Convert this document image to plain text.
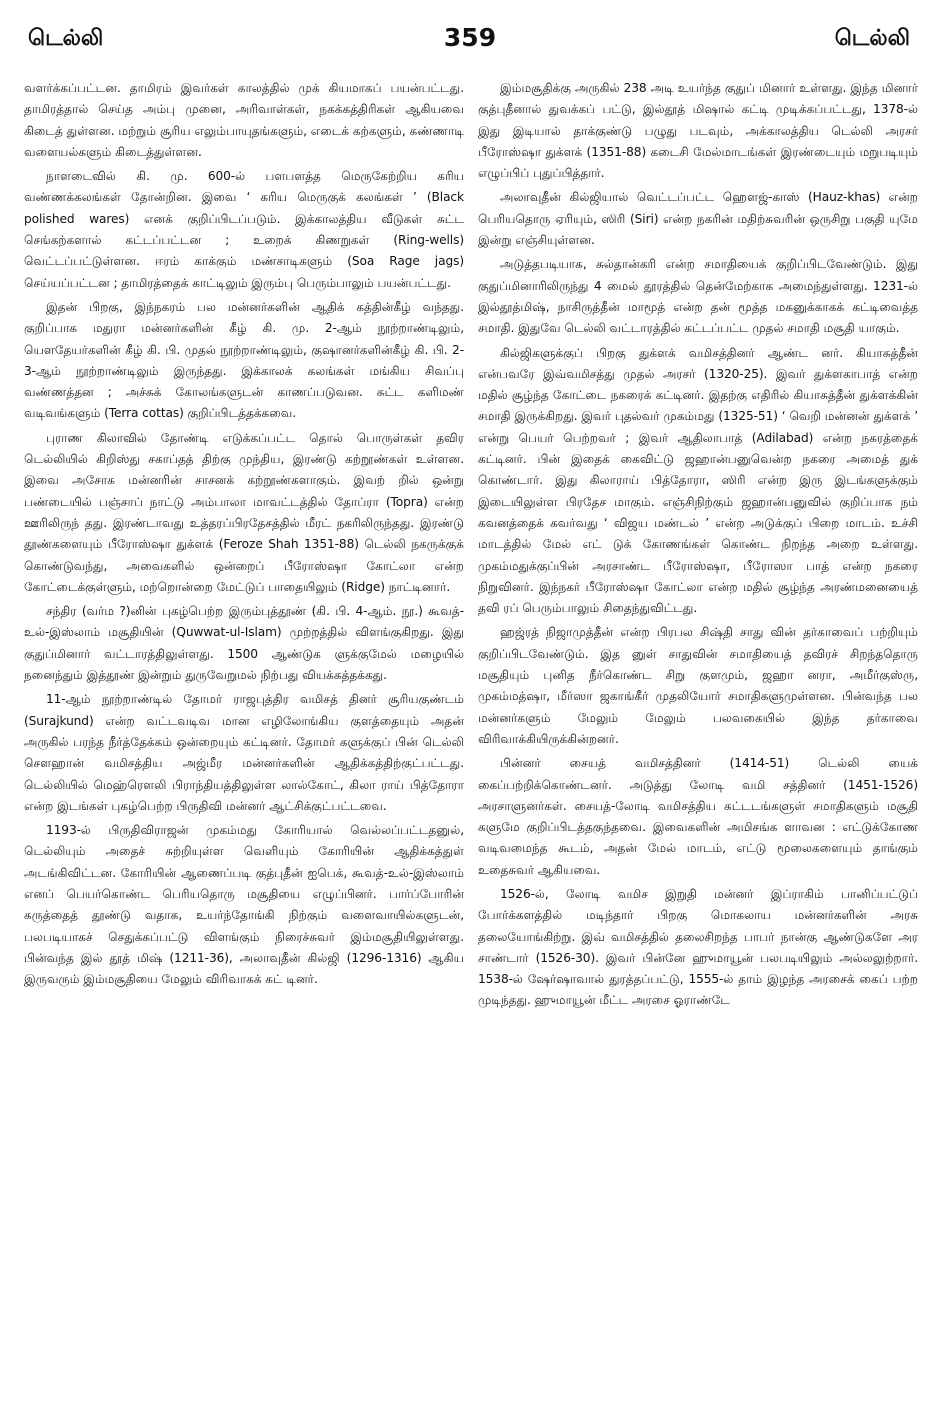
டெல்லி	359	டெல்லி

வளர்க்கப்பட்டன. தாமிரம் இவர்கள் காலத்தில் முக் கியமாகப் பயன்பட்டது. தாமிரத்தால் செய்த அம்பு முனை, அரிவாள்கள், நகக்கத்திரிகள் ஆகியவை கிடைத் துள்ளன. மற்றும் சூரிய எலும்பாயுதங்களும், எடைக் கற்களும், கண்ணாடி வளையல்களும் கிடைத்துள்ளன.

நாளடைவில் கி. மு. 600-ல் பளபளத்த மெருகேற்றிய கரிய வண்ணக்கலங்கள் தோன்றின. இவை ‘ கரிய மெருகுக் கலங்கள் ’ (Black polished wares) எனக் குறிப்பிடப்படும். இக்காலத்திய வீடுகள் சுட்ட செங்கற்களால் கட்டப்பட்டன ; உறைக் கிணறுகள் (Ring-wells) வெட்டப்பட்டுள்ளன. ஈரம் காக்கும் மண்சாடிகளும் (Soa Rage jags) செய்யப்பட்டன ; தாமிரத்தைக் காட்டிலும் இரும்பு பெரும்பாலும் பயன்பட்டது.

இதன் பிறகு, இந்நகரம் பல மன்னர்களின் ஆதிக் கத்தின்கீழ் வந்தது. குறிப்பாக மதுரா மன்னர்களின் கீழ் கி. மு. 2-ஆம் நூற்றாண்டிலும், யௌதேயர்களின் கீழ் கி. பி. முதல் நூற்றாண்டிலும், குஷானர்களின்கீழ் கி. பி. 2-3-ஆம் நூற்றாண்டிலும் இருந்தது. இக்காலக் கலங்கள் மங்கிய சிவப்பு வண்ணத்தன ; அச்சுக் கோலங்களுடன் காணப்படுவன. சுட்ட களிமண் வடிவங்களும் (Terra cottas) குறிப்பிடத்தக்கவை.

புராண கிலாவில் தோண்டி எடுக்கப்பட்ட தொல் பொருள்கள் தவிர டெல்லியில் கிறிஸ்து சகாப்தத் திற்கு முந்திய, இரண்டு கற்றூண்கள் உள்ளன. இவை அசோக மன்னரின் சாசனக் கற்றூண்களாகும். இவற் றில் ஒன்று பண்டையில் பஞ்சாப் நாட்டு அம்பாலா மாவட்டத்தில் தோப்ரா (Topra) என்ற ஊரிலிருந் தது. இரண்டாவது உத்தரப்பிரதேசத்தில் மீரட் நகரிலிருந்தது. இரண்டு தூண்களையும் பீரோஸ்ஷா துக்ளக் (Feroze Shah 1351-88) டெல்லி நகருக்குக் கொண்டுவந்து, அவைகளில் ஒன்றைப் பீரோஸ்ஷா கோட்லா என்ற கோட்டைக்குள்ளும், மற்றொன்றை மேட்டுப் பாதையிலும் (Ridge) நாட்டினார்.

சந்திர (வர்ம ?)னின் புகழ்பெற்ற இரும்புத்தூண் (கி. பி. 4-ஆம். நூ.) கூவத்-உல்-இஸ்லாம் மசூதியின் (Quwwat-ul-Islam) முற்றத்தில் விளங்குகிறது. இது குதுப்மினார் வட்டாரத்திலுள்ளது. 1500 ஆண்டுக ளுக்குமேல் மழையில் நனைந்தும் இத்தூண் இன்றும் துருவேறுமல் நிற்பது வியக்கத்தக்கது.

11-ஆம் நூற்றாண்டில் தோமர் ராஜபுத்திர வமிசத் தினர் சூரியகுண்டம் (Surajkund) என்ற வட்டவடிவ மான எழிலோங்கிய குளத்தையும் அதன் அருகில் பரந்த நீர்த்தேக்கம் ஒன்றையும் கட்டினர். தோமர் களுக்குப் பின் டெல்லி சௌஹான் வமிசத்திய அஜ்மீர மன்னர்களின் ஆதிக்கத்திற்குட்பட்டது. டெல்லியில் மெஹ்ரௌலி பிராந்தியத்திலுள்ள லால்கோட், கிலா ராய் பித்தோரா என்ற இடங்கள் புகழ்பெற்ற பிருதிவி மன்னர் ஆட்சிக்குட்பட்டவை.

1193-ல் பிருதிவிராஜன் முகம்மது கோரியால் வெல்லப்பட்டதனுல், டெல்லியும் அதைச் சுற்றியுள்ள வெளியும் கோரியின் ஆதிக்கத்துள் அடங்கிவிட்டன. கோரியின் ஆணைப்படி குத்புதீன் ஐபெக், கூவத்-உல்-இஸ்லாம் எனப் பெயர்கொண்ட பெரியதொரு மசூதியை எழுப்பினர். பார்ப்போரின் கருத்தைத் தூண்டு வதாக, உயர்ந்தோங்கி நிற்கும் வளைவாயில்களுடன், பலபடியாகச் செதுக்கப்பட்டு விளங்கும் நிரைச்சுவர் இம்மசூதியிலுள்ளது. பின்வந்த இல் தூத் மிஷ் (1211-36), அலாவுதீன் கில்ஜி (1296-1316) ஆகிய இருவரும் இம்மசூதியை மேலும் விரிவாகக் கட் டினர்.

இம்மசூதிக்கு அருகில் 238 அடி உயர்ந்த குதுப் மினார் உள்ளது. இந்த மினார் குத்புதீனால் துவக்கப் பட்டு, இல்தூத் மிஷால் கட்டி முடிக்கப்பட்டது, 1378-ல் இது இடியால் தாக்குண்டு பழுது படவும், அக்காலத்திய டெல்லி அரசர் பீரோஸ்ஷா துக்ளக் (1351-88) கடைசி மேல்மாடங்கள் இரண்டையும் மறுபடியும் எழுப்பிப் புதுப்பித்தார்.

அலாவுதீன் கில்ஜியால் வெட்டப்பட்ட ஹௌஜ்-காஸ் (Hauz-khas) என்ற பெரியதொரு ஏரியும், ஸிரி (Siri) என்ற நகரின் மதிற்சுவரின் ஒருசிறு பகுதி யுமே இன்று எஞ்சியுள்ளன.

அடுத்தபடியாக, சுல்தான்கரி என்ற சமாதியைக் குறிப்பிடவேண்டும். இது குதுப்மினாரிலிருந்து 4 மைல் தூரத்தில் தென்மேற்காக அமைந்துள்ளது. 1231-ல் இல்தூத்மிஷ், நாசிருத்தீன் மாமூத் என்ற தன் மூத்த மகனுக்காகக் கட்டிவைத்த சமாதி. இதுவே டெல்லி வட்டாரத்தில் கட்டப்பட்ட முதல் சமாதி மசூதி யாகும்.

கில்ஜிகளுக்குப் பிறகு துக்ளக் வமிசத்தினர் ஆண்ட னர். கியாசுத்தீன் என்பவரே இவ்வமிசத்து முதல் அரசர் (1320-25). இவர் துக்ளகாபாத் என்ற மதில் சூழ்ந்த கோட்டை நகரைக் கட்டினர். இதற்கு எதிரில் கியாசுத்தீன் துக்ளக்கின் சமாதி இருக்கிறது. இவர் புதல்வர் முகம்மது (1325-51) ‘ வெறி மன்னன் துக்ளக் ’ என்று பெயர் பெற்றவர் ; இவர் ஆதிலாபாத் (Adilabad) என்ற நகரத்தைக் கட்டினர். பின் இதைக் கைவிட்டு ஜஹான்பனுவென்ற நகரை அமைத் துக் கொண்டார். இது கிலாராய் பித்தோரா, ஸிரி என்ற இரு இடங்களுக்கும் இடையிலுள்ள பிரதேச மாகும். எஞ்சிநிற்கும் ஜஹான்பனுவில் குறிப்பாக நம் கவனத்தைக் கவர்வது ‘ விஜய மண்டல் ’ என்ற அடுக்குப் பிறை மாடம். உச்சி மாடத்தில் மேல் எட் டுக் கோணங்கள் கொண்ட நிறந்த அறை உள்ளது. முகம்மதுக்குப்பின் அரசாண்ட பீரோஸ்ஷா, பீரோஸா பாத் என்ற நகரை நிறுவினர். இந்நகர் பீரோஸ்ஷா கோட்லா என்ற மதில் சூழ்ந்த அரண்மனையைத் தவி ரப் பெரும்பாலும் சிதைந்துவிட்டது.

ஹஜ்ரத் நிஜாமுத்தீன் என்ற பிரபல சிஷ்தி சாது வின் தர்காவைப் பற்றியும் குறிப்பிடவேண்டும். இத னுள் சாதுவின் சமாதியைத் தவிரச் சிறந்ததொரு மசூதியும் புனித நீர்கொண்ட சிறு குளமும், ஜஹா னரா, அமீர்குஸ்ரு, முகம்மத்ஷா, மீர்ஸா ஜகாங்கீர் முதலியோர் சமாதிகளுமுள்ளன. பின்வந்த பல மன்னர்களும் மேலும் மேலும் பலவகையில் இந்த தர்காவை விரிவாக்கியிருக்கின்றனர்.

பின்னர் சையத் வமிசத்தினர் (1414-51) டெல்லி யைக் கைப்பற்றிக்கொண்டனர். அடுத்து லோடி வமி சத்தினர் (1451-1526) அரசாளுனர்கள். சையத்-லோடி வமிசத்திய கட்டடங்களுள் சமாதிகளும் மசூதி களுமே குறிப்பிடத்தகுந்தவை. இவைகளின் அமிசங்க ளாவன : எட்டுக்கோண வடிவமைந்த கூடம், அதன் மேல் மாடம், எட்டு மூலைகளையும் தாங்கும் உதைசுவர் ஆகியவை.

1526-ல், லோடி வமிச இறுதி மன்னர் இப்ராகிம் பானிப்பட்டுப் போர்க்களத்தில் மடிந்தார் பிறகு மொகலாய மன்னர்களின் அரசு தலையோங்கிற்று. இவ் வமிசத்தில் தலைசிறந்த பாபர் நான்கு ஆண்டுகளே அர சாண்டார் (1526-30). இவர் பின்னே ஹுமாயூன் பலபடியிலும் அல்லலுற்றார். 1538-ல் ஷேர்ஷாவால் துரத்தப்பட்டு, 1555-ல் தாம் இழந்த அரசைக் கைப் பற்ற முடிந்தது. ஹுமாயூன் மீட்ட அரசை ஓராண்டே
